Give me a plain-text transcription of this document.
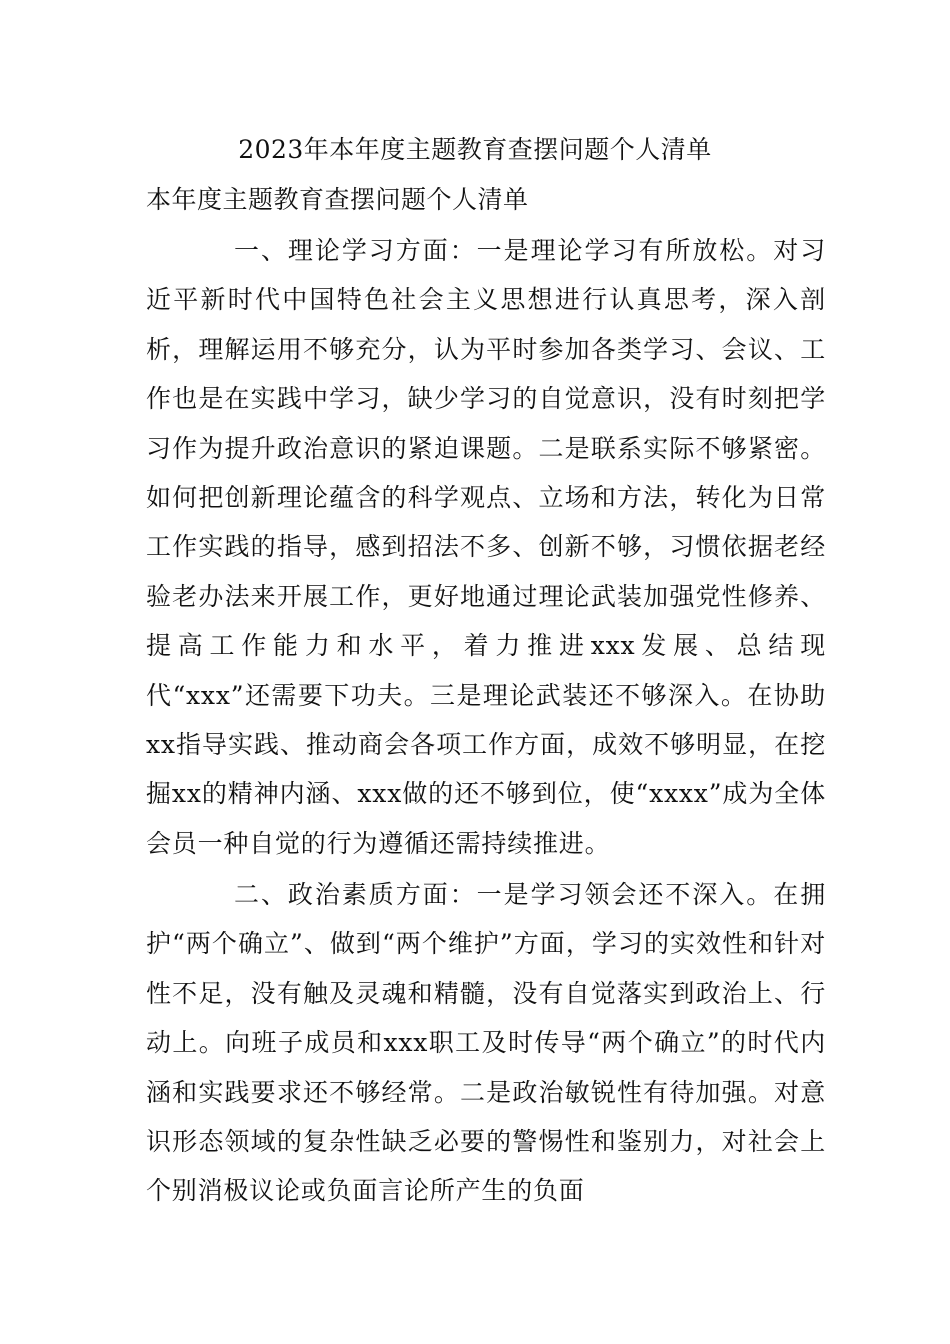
2023年本年度主题教育查摆问题个人清单
本年度主题教育查摆问题个人清单

一、理论学习方面：一是理论学习有所放松。对习近平新时代中国特色社会主义思想进行认真思考，深入剖析，理解运用不够充分，认为平时参加各类学习、会议、工作也是在实践中学习，缺少学习的自觉意识，没有时刻把学习作为提升政治意识的紧迫课题。二是联系实际不够紧密。如何把创新理论蕴含的科学观点、立场和方法，转化为日常工作实践的指导，感到招法不多、创新不够，习惯依据老经验老办法来开展工作，更好地通过理论武装加强党性修养、提高工作能力和水平，着力推进xxx发展、总结现代“xxx”还需要下功夫。三是理论武装还不够深入。在协助xx指导实践、推动商会各项工作方面，成效不够明显，在挖掘xx的精神内涵、xxx做的还不够到位，使“xxxx”成为全体会员一种自觉的行为遵循还需持续推进。

二、政治素质方面：一是学习领会还不深入。在拥护“两个确立”、做到“两个维护”方面，学习的实效性和针对性不足，没有触及灵魂和精髓，没有自觉落实到政治上、行动上。向班子成员和xxx职工及时传导“两个确立”的时代内涵和实践要求还不够经常。二是政治敏锐性有待加强。对意识形态领域的复杂性缺乏必要的警惕性和鉴别力，对社会上个别消极议论或负面言论所产生的负面
